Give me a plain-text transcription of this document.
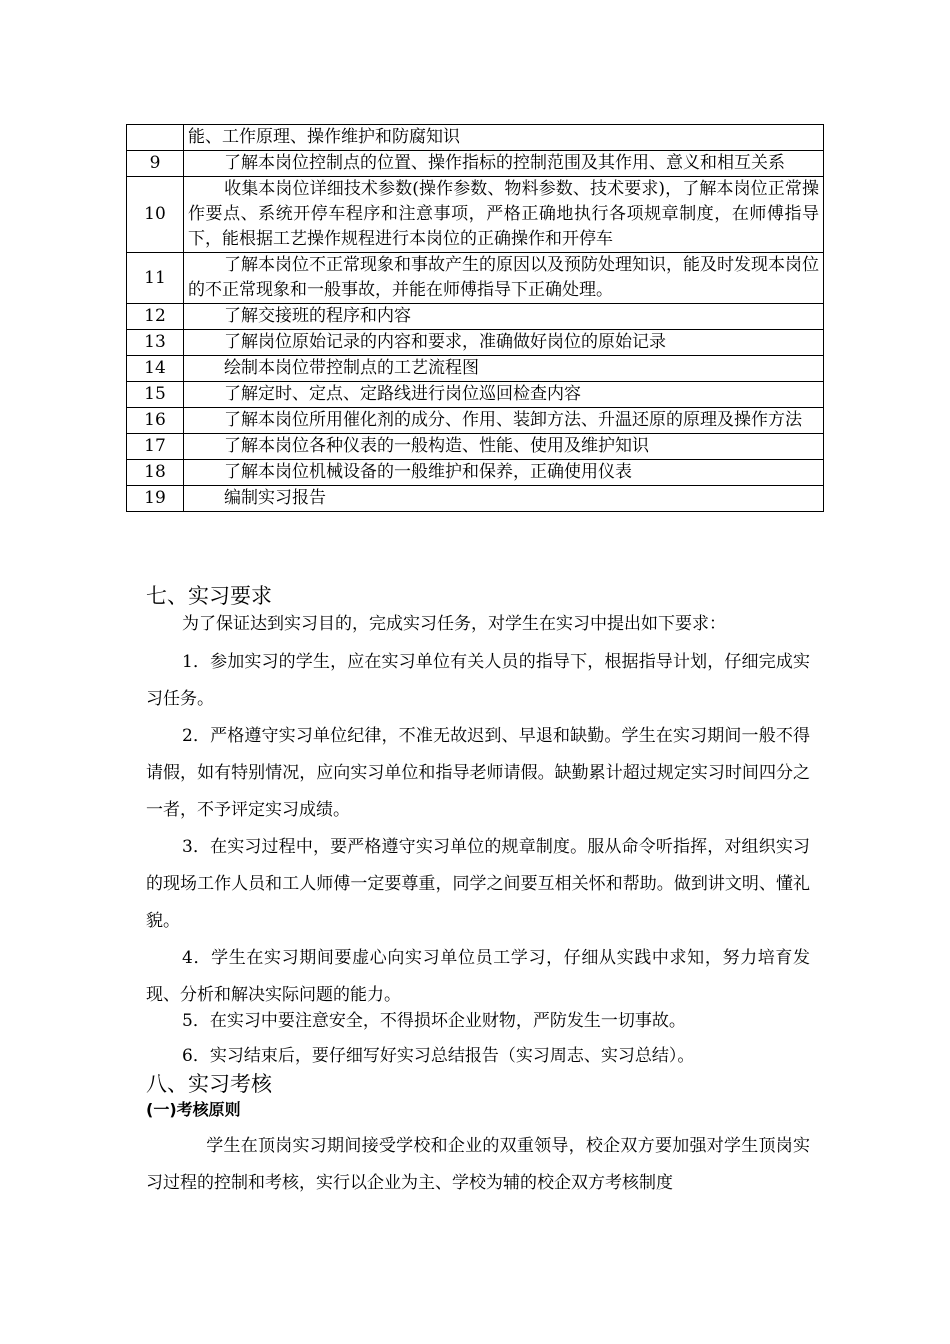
	能、工作原理、操作维护和防腐知识
9	了解本岗位控制点的位置、操作指标的控制范围及其作用、意义和相互关系
10	收集本岗位详细技术参数(操作参数、物料参数、技术要求)，了解本岗位正常操作要点、系统开停车程序和注意事项，严格正确地执行各项规章制度，在师傅指导下，能根据工艺操作规程进行本岗位的正确操作和开停车
11	了解本岗位不正常现象和事故产生的原因以及预防处理知识，能及时发现本岗位的不正常现象和一般事故，并能在师傅指导下正确处理。
12	了解交接班的程序和内容
13	了解岗位原始记录的内容和要求，准确做好岗位的原始记录
14	绘制本岗位带控制点的工艺流程图
15	了解定时、定点、定路线进行岗位巡回检查内容
16	了解本岗位所用催化剂的成分、作用、装卸方法、升温还原的原理及操作方法
17	了解本岗位各种仪表的一般构造、性能、使用及维护知识
18	了解本岗位机械设备的一般维护和保养，正确使用仪表
19	编制实习报告
七、实习要求

为了保证达到实习目的，完成实习任务，对学生在实习中提出如下要求：

1．参加实习的学生，应在实习单位有关人员的指导下，根据指导计划，仔细完成实习任务。

2．严格遵守实习单位纪律，不准无故迟到、早退和缺勤。学生在实习期间一般不得请假，如有特别情况，应向实习单位和指导老师请假。缺勤累计超过规定实习时间四分之一者，不予评定实习成绩。

3．在实习过程中，要严格遵守实习单位的规章制度。服从命令听指挥，对组织实习的现场工作人员和工人师傅一定要尊重，同学之间要互相关怀和帮助。做到讲文明、懂礼貌。

4．学生在实习期间要虚心向实习单位员工学习，仔细从实践中求知，努力培育发现、分析和解决实际问题的能力。

5．在实习中要注意安全，不得损坏企业财物，严防发生一切事故。

6．实习结束后，要仔细写好实习总结报告（实习周志、实习总结）。

八、实习考核
(一)考核原则

学生在顶岗实习期间接受学校和企业的双重领导，校企双方要加强对学生顶岗实习过程的控制和考核，实行以企业为主、学校为辅的校企双方考核制度
